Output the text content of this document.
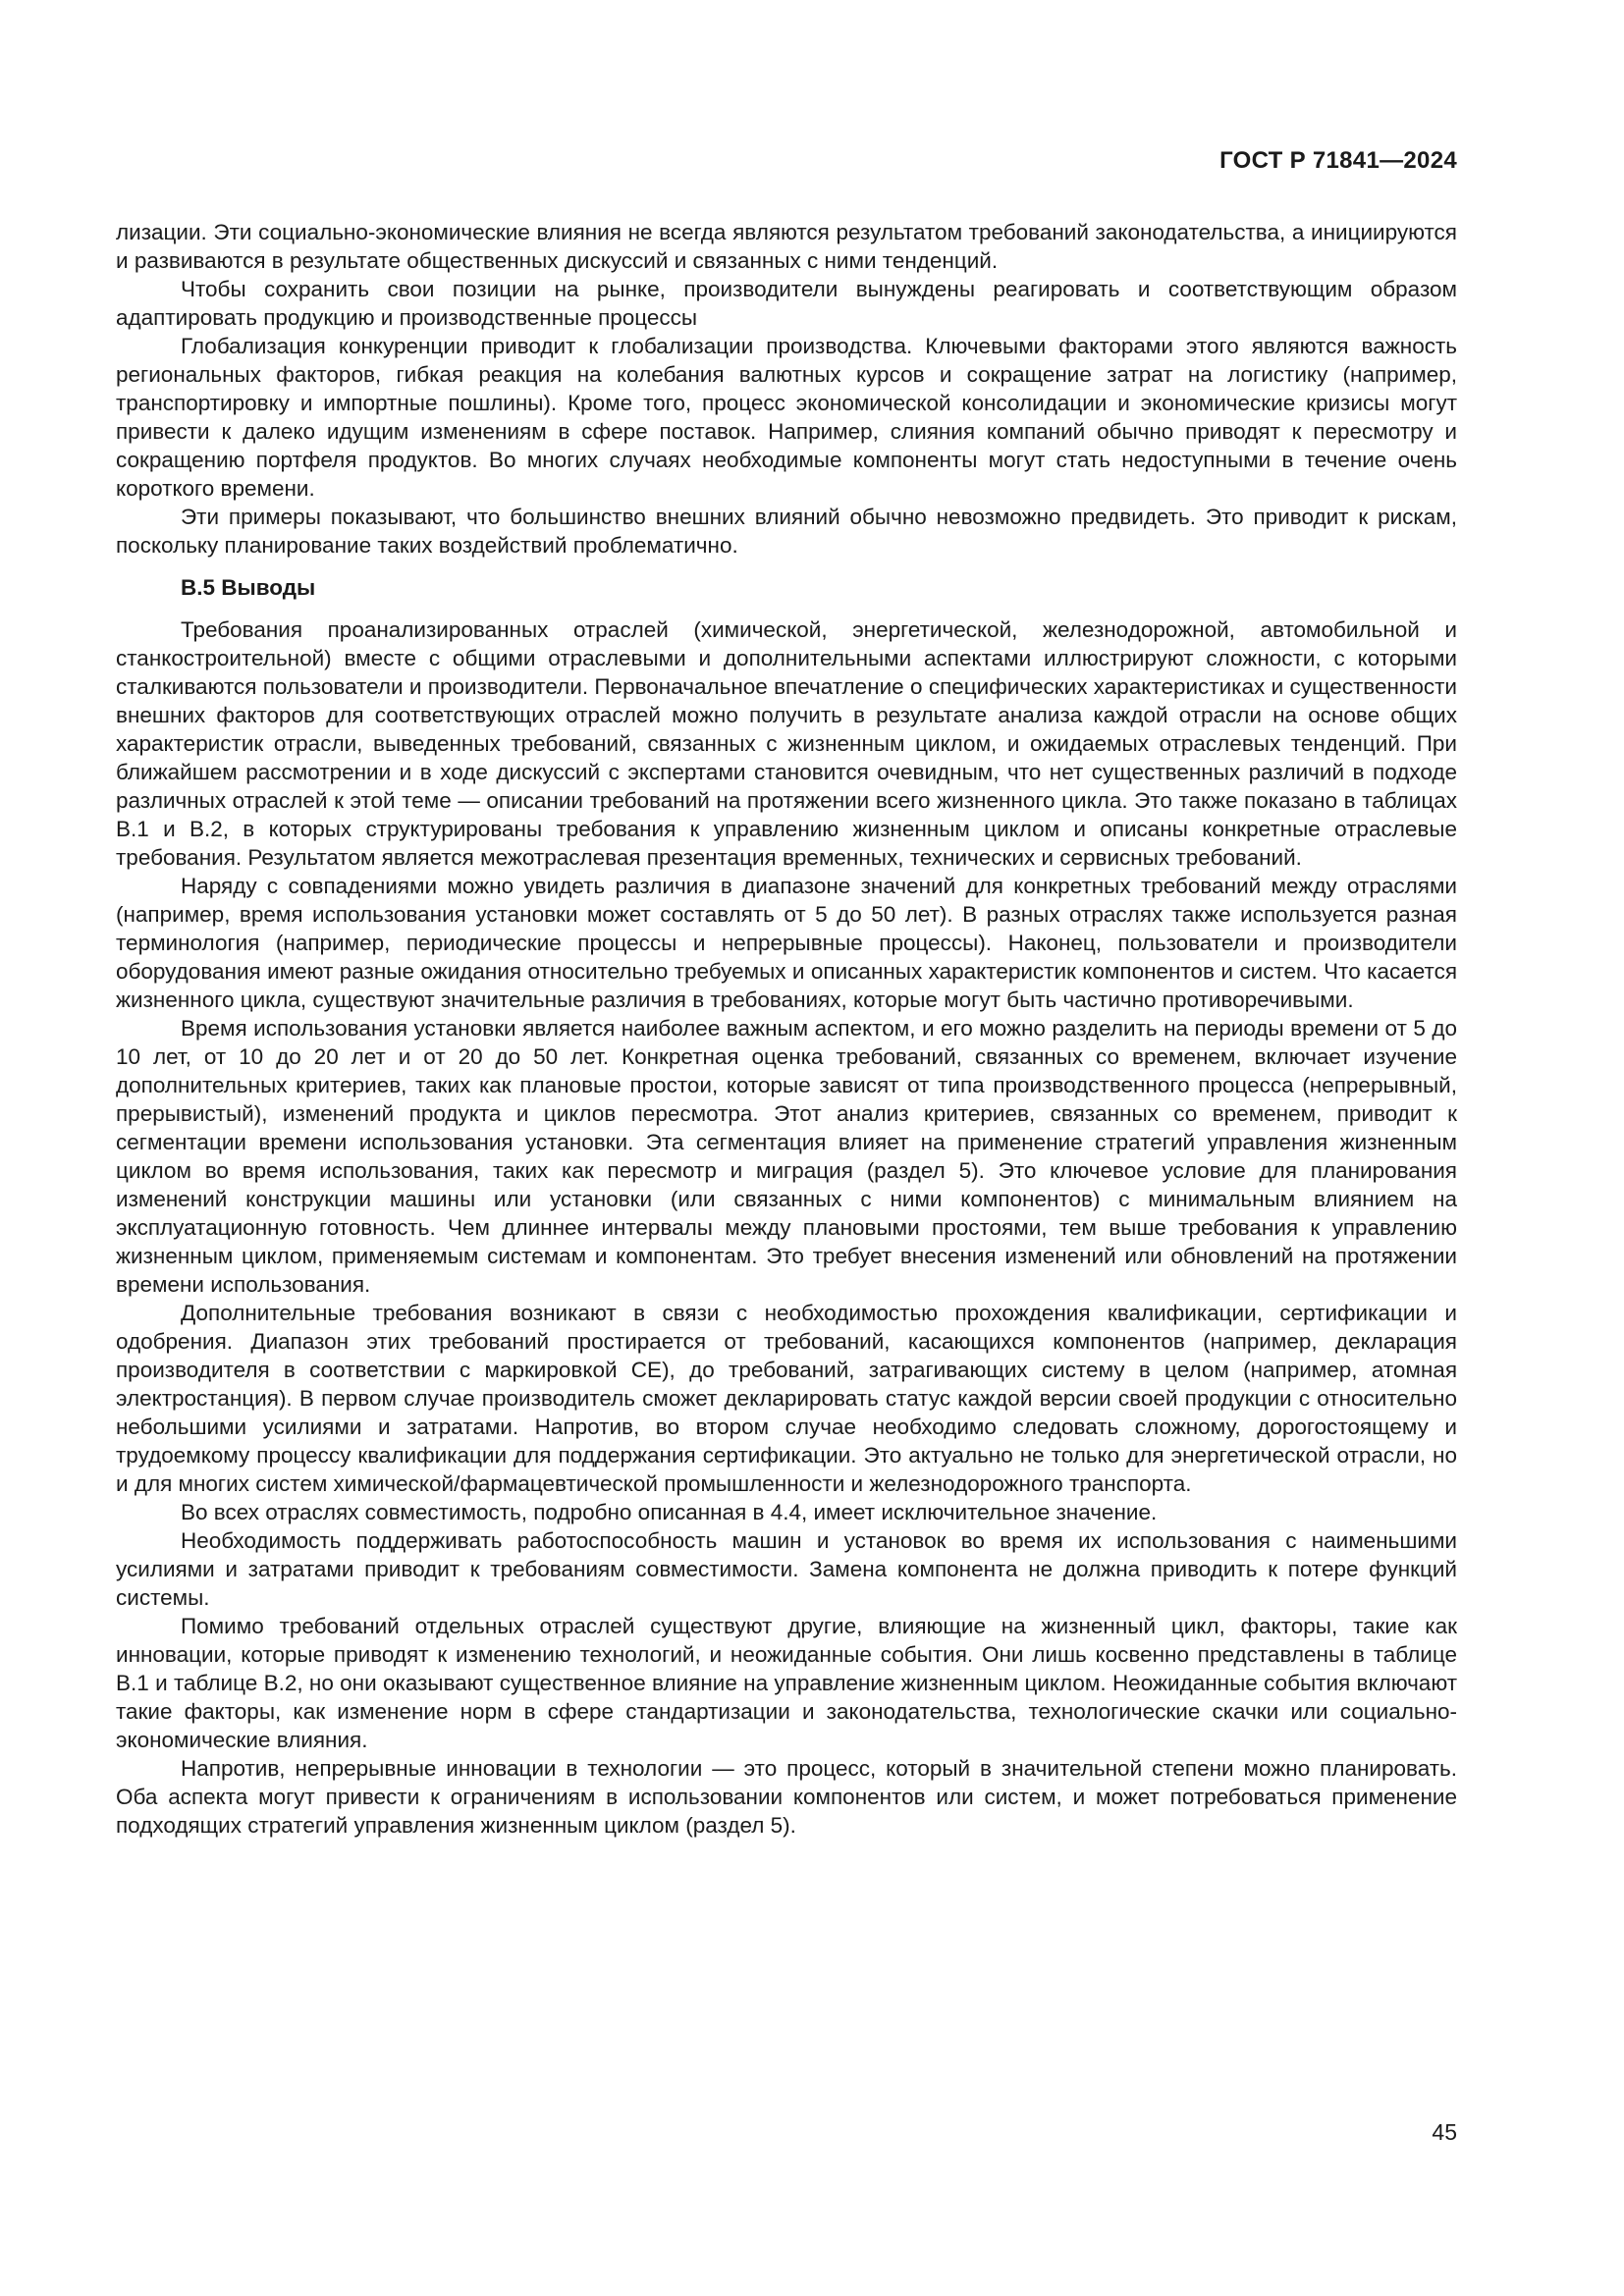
ГОСТ Р 71841—2024

лизации. Эти социально-экономические влияния не всегда являются результатом требований законодательства, а инициируются и развиваются в результате общественных дискуссий и связанных с ними тенденций.

Чтобы сохранить свои позиции на рынке, производители вынуждены реагировать и соответствующим образом адаптировать продукцию и производственные процессы

Глобализация конкуренции приводит к глобализации производства. Ключевыми факторами этого являются важность региональных факторов, гибкая реакция на колебания валютных курсов и сокращение затрат на логистику (например, транспортировку и импортные пошлины). Кроме того, процесс экономической консолидации и экономические кризисы могут привести к далеко идущим изменениям в сфере поставок. Например, слияния компаний обычно приводят к пересмотру и сокращению портфеля продуктов. Во многих случаях необходимые компоненты могут стать недоступными в течение очень короткого времени.

Эти примеры показывают, что большинство внешних влияний обычно невозможно предвидеть. Это приводит к рискам, поскольку планирование таких воздействий проблематично.

В.5 Выводы

Требования проанализированных отраслей (химической, энергетической, железнодорожной, автомобильной и станкостроительной) вместе с общими отраслевыми и дополнительными аспектами иллюстрируют сложности, с которыми сталкиваются пользователи и производители. Первоначальное впечатление о специфических характеристиках и существенности внешних факторов для соответствующих отраслей можно получить в результате анализа каждой отрасли на основе общих характеристик отрасли, выведенных требований, связанных с жизненным циклом, и ожидаемых отраслевых тенденций. При ближайшем рассмотрении и в ходе дискуссий с экспертами становится очевидным, что нет существенных различий в подходе различных отраслей к этой теме — описании требований на протяжении всего жизненного цикла. Это также показано в таблицах В.1 и В.2, в которых структурированы требования к управлению жизненным циклом и описаны конкретные отраслевые требования. Результатом является межотраслевая презентация временных, технических и сервисных требований.

Наряду с совпадениями можно увидеть различия в диапазоне значений для конкретных требований между отраслями (например, время использования установки может составлять от 5 до 50 лет). В разных отраслях также используется разная терминология (например, периодические процессы и непрерывные процессы). Наконец, пользователи и производители оборудования имеют разные ожидания относительно требуемых и описанных характеристик компонентов и систем. Что касается жизненного цикла, существуют значительные различия в требованиях, которые могут быть частично противоречивыми.

Время использования установки является наиболее важным аспектом, и его можно разделить на периоды времени от 5 до 10 лет, от 10 до 20 лет и от 20 до 50 лет. Конкретная оценка требований, связанных со временем, включает изучение дополнительных критериев, таких как плановые простои, которые зависят от типа производственного процесса (непрерывный, прерывистый), изменений продукта и циклов пересмотра. Этот анализ критериев, связанных со временем, приводит к сегментации времени использования установки. Эта сегментация влияет на применение стратегий управления жизненным циклом во время использования, таких как пересмотр и миграция (раздел 5). Это ключевое условие для планирования изменений конструкции машины или установки (или связанных с ними компонентов) с минимальным влиянием на эксплуатационную готовность. Чем длиннее интервалы между плановыми простоями, тем выше требования к управлению жизненным циклом, применяемым системам и компонентам. Это требует внесения изменений или обновлений на протяжении времени использования.

Дополнительные требования возникают в связи с необходимостью прохождения квалификации, сертификации и одобрения. Диапазон этих требований простирается от требований, касающихся компонентов (например, декларация производителя в соответствии с маркировкой СЕ), до требований, затрагивающих систему в целом (например, атомная электростанция). В первом случае производитель сможет декларировать статус каждой версии своей продукции с относительно небольшими усилиями и затратами. Напротив, во втором случае необходимо следовать сложному, дорогостоящему и трудоемкому процессу квалификации для поддержания сертификации. Это актуально не только для энергетической отрасли, но и для многих систем химической/фармацевтической промышленности и железнодорожного транспорта.

Во всех отраслях совместимость, подробно описанная в 4.4, имеет исключительное значение.

Необходимость поддерживать работоспособность машин и установок во время их использования с наименьшими усилиями и затратами приводит к требованиям совместимости. Замена компонента не должна приводить к потере функций системы.

Помимо требований отдельных отраслей существуют другие, влияющие на жизненный цикл, факторы, такие как инновации, которые приводят к изменению технологий, и неожиданные события. Они лишь косвенно представлены в таблице В.1 и таблице В.2, но они оказывают существенное влияние на управление жизненным циклом. Неожиданные события включают такие факторы, как изменение норм в сфере стандартизации и законодательства, технологические скачки или социально-экономические влияния.

Напротив, непрерывные инновации в технологии — это процесс, который в значительной степени можно планировать. Оба аспекта могут привести к ограничениям в использовании компонентов или систем, и может потребоваться применение подходящих стратегий управления жизненным циклом (раздел 5).

45
